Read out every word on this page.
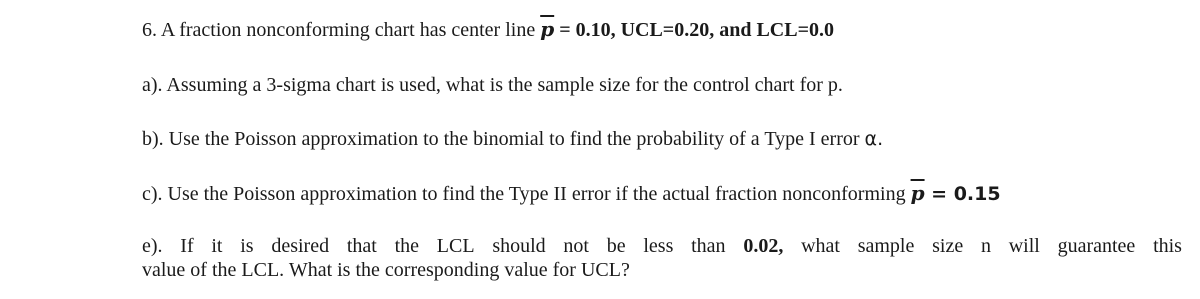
6. A fraction nonconforming chart has center line $\overline{p} = 0.10$, UCL=0.20, and LCL=0.0
a). Assuming a 3-sigma chart is used, what is the sample size for the control chart for p.
b). Use the Poisson approximation to the binomial to find the probability of a Type I error α.
c). Use the Poisson approximation to find the Type II error if the actual fraction nonconforming $\overline{p} = 0.15$
e). If it is desired that the LCL should not be less than 0.02, what sample size n will guarantee this
value of the LCL. What is the corresponding value for UCL?
